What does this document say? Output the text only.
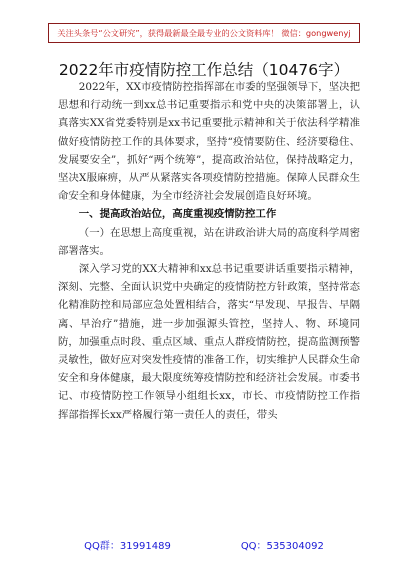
关注头条号“公文研究”，获得最新最全最专业的公文资料库！ 微信：gongwenyj
2022年市疫情防控工作总结（10476字）

2022年，XX市疫情防控指挥部在市委的坚强领导下，坚决把思想和行动统一到xx总书记重要指示和党中央的决策部署上，认真落实XX省党委特别是xx书记重要批示精神和关于依法科学精准做好疫情防控工作的具体要求，坚持“疫情要防住、经济要稳住、发展要安全”，抓好“两个统筹”，提高政治站位，保持战略定力，坚决X服麻痹，从严从紧落实各项疫情防控措施。保障人民群众生命安全和身体健康，为全市经济社会发展创造良好环境。

一、提高政治站位，高度重视疫情防控工作

（一）在思想上高度重视，站在讲政治讲大局的高度科学周密部署落实。

深入学习党的XX大精神和xx总书记重要讲话重要指示精神，深刻、完整、全面认识党中央确定的疫情防控方针政策，坚持常态化精准防控和局部应急处置相结合，落实“早发现、早报告、早隔离、早治疗”措施，进一步加强源头管控，坚持人、物、环境同防，加强重点时段、重点区域、重点人群疫情防控，提高监测预警灵敏性，做好应对突发性疫情的准备工作，切实维护人民群众生命安全和身体健康，最大限度统筹疫情防控和经济社会发展。市委书记、市疫情防控工作领导小组组长xx，市长、市疫情防控工作指挥部指挥长xx严格履行第一责任人的责任，带头

QQ群：31991489	QQ：535304092
